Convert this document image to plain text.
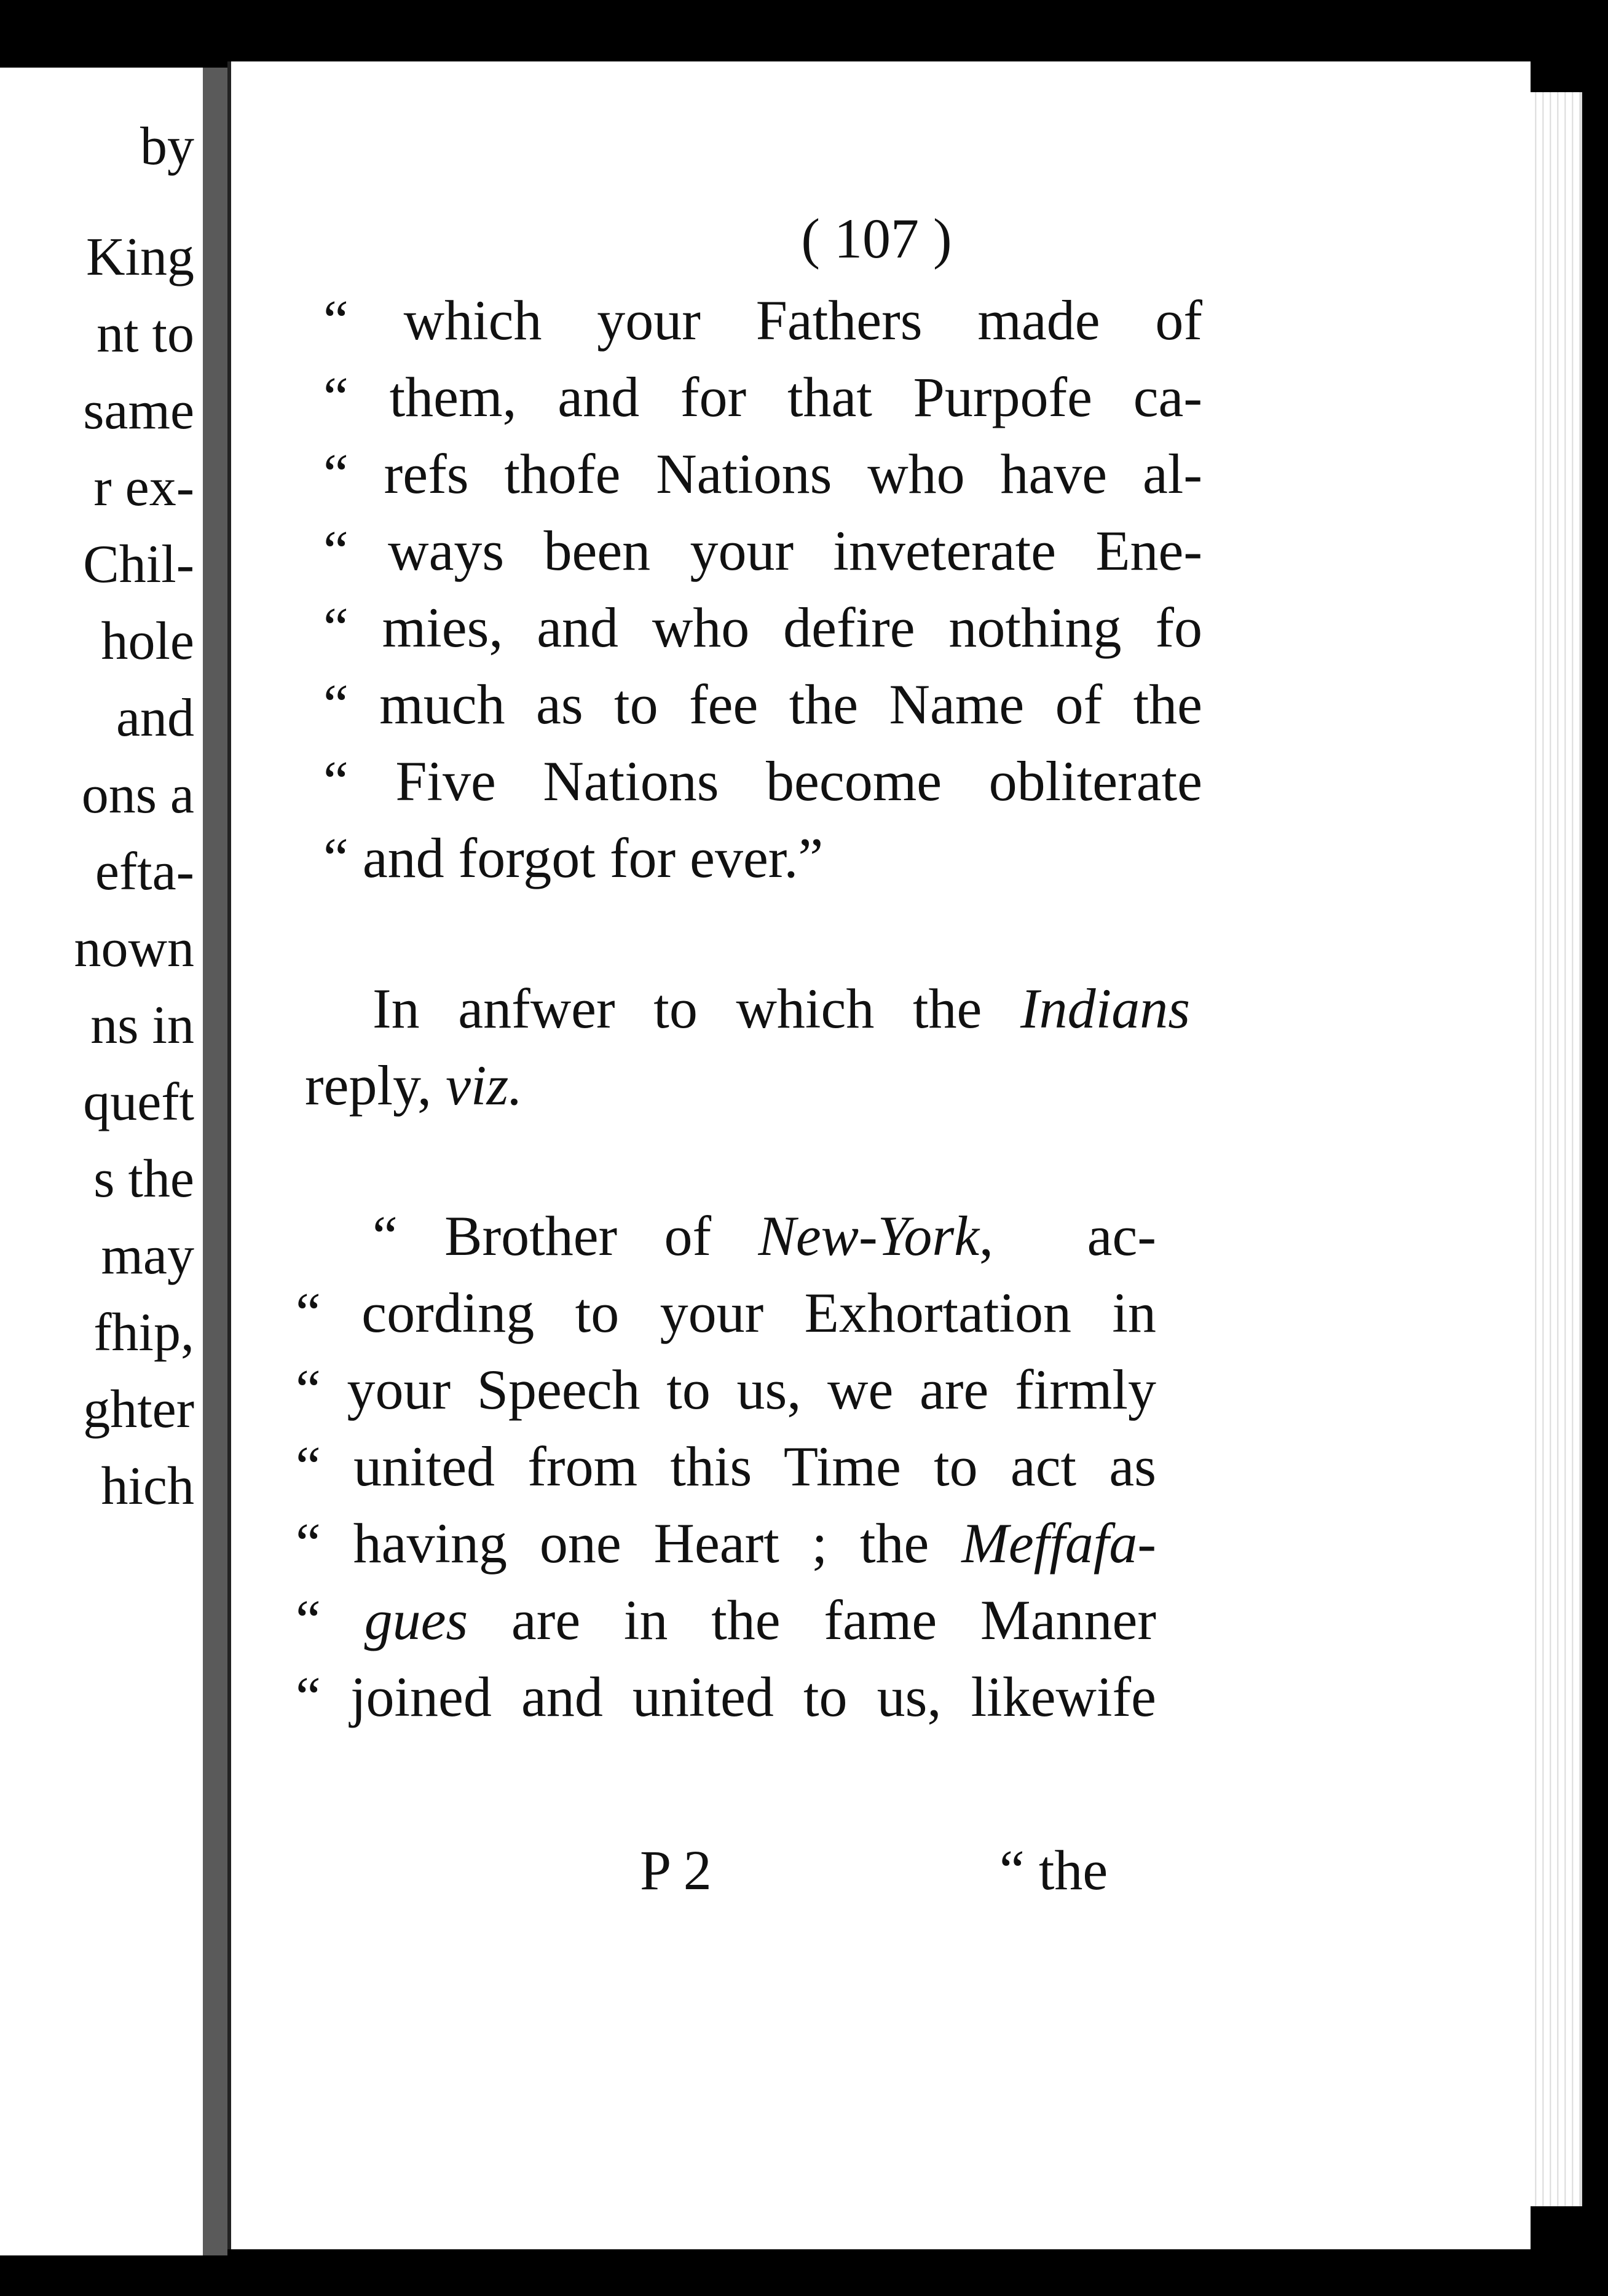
by
King
nt to
same
r ex-
Chil-
hole
and
ons a
efta-
nown
ns in
queft
s the
may
fhip,
ghter
hich
( 107 )
“ which your Fathers made of
“ them, and for that Purpofe ca-
“ refs thofe Nations who have al-
“ ways been your inveterate Ene-
“ mies, and who defire nothing fo
“ much as to fee the Name of the
“ Five Nations become obliterate
“ and forgot for ever.”
In anfwer to which the Indians
reply, viz.
“ Brother of New-York,  ac-
“ cording to your Exhortation in
“ your Speech to us, we are firmly
“ united from this Time to act as
“ having one Heart ; the Meffafa-
“ gues are in the fame Manner
“ joined and united to us, likewife
P 2	“ the
